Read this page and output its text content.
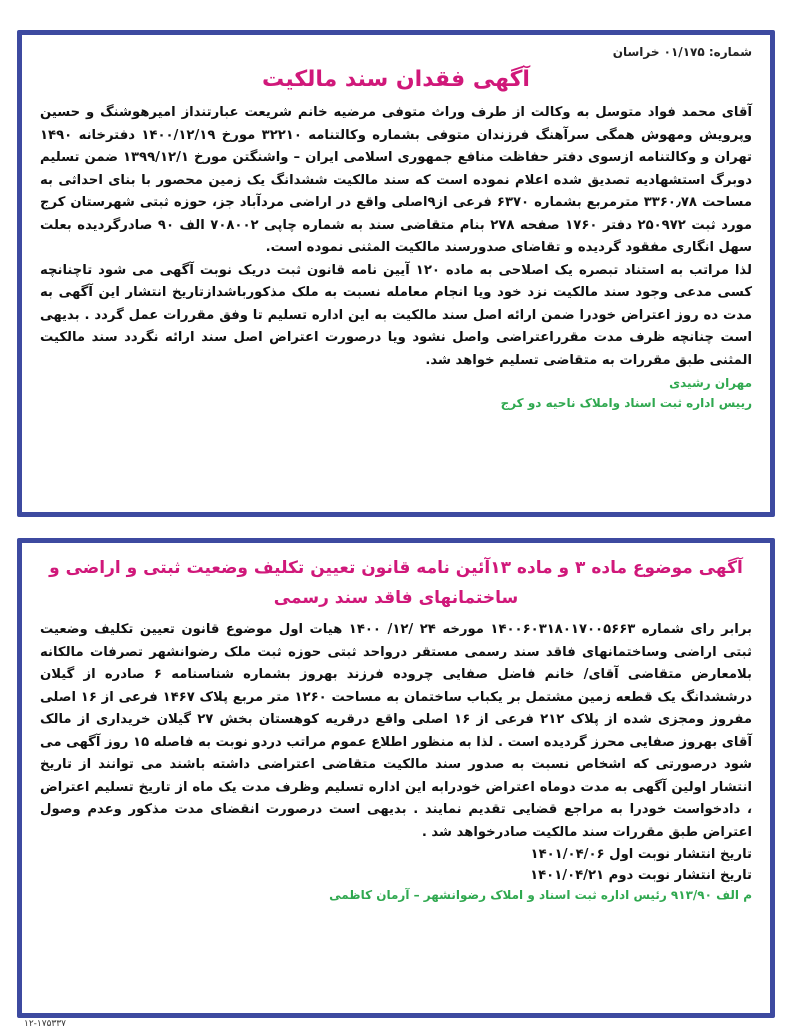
شماره: ۰۱/۱۷۵ خراسان
آگهی فقدان سند مالکیت

آقای محمد فواد متوسل به وکالت از طرف وراث متوفی مرضیه خانم شریعت عبارتنداز امیرهوشنگ و حسین وپرویش ومهوش همگی سرآهنگ فرزندان متوفی بشماره وکالتنامه ۳۲۲۱۰ مورخ ۱۴۰۰/۱۲/۱۹ دفترخانه ۱۴۹۰ تهران و وکالتنامه ازسوی دفتر حفاظت منافع جمهوری اسلامی ایران – واشنگتن مورخ ۱۳۹۹/۱۲/۱ ضمن تسلیم دوبرگ استشهادیه تصدیق شده اعلام نموده است که سند مالکیت ششدانگ یک زمین محصور با بنای احداثی به مساحت ۳۳۶۰٫۷۸ مترمربع بشماره ۶۳۷۰ فرعی از۹اصلی واقع در اراضی مردآباد جز، حوزه ثبتی شهرستان کرج مورد ثبت ۲۵۰۹۷۲ دفتر ۱۷۶۰ صفحه ۲۷۸ بنام متقاضی سند به شماره چاپی ۷۰۸۰۰۲ الف ۹۰ صادرگردیده بعلت سهل انگاری مفقود گردیده و تقاضای صدورسند مالکیت المثنی نموده است.

لذا مراتب به استناد تبصره یک اصلاحی به ماده ۱۲۰ آیین نامه قانون ثبت دریک نوبت آگهی می شود تاچنانچه کسی مدعی وجود سند مالکیت نزد خود ویا انجام معامله نسبت به ملک مذکورباشدازتاریخ انتشار این آگهی به مدت ده روز اعتراض خودرا ضمن ارائه اصل سند مالکیت به این اداره تسلیم تا وفق مقررات عمل گردد . بدیهی است چنانچه ظرف مدت مقرراعتراضی واصل نشود ویا درصورت اعتراض اصل سند ارائه نگردد سند مالکیت المثنی طبق مقررات به متقاضی تسلیم خواهد شد.

مهران رشیدی
رییس اداره ثبت اسناد واملاک ناحیه دو کرج
آگهی موضوع ماده ۳ و ماده ۱۳آئین نامه قانون تعیین تکلیف وضعیت ثبتی و اراضی و ساختمانهای فاقد سند رسمی

برابر رای شماره ۱۴۰۰۶۰۳۱۸۰۱۷۰۰۵۶۶۳ مورخه ۲۴ /۱۲/ ۱۴۰۰ هیات اول موضوع قانون تعیین تکلیف وضعیت ثبتی اراضی وساختمانهای فاقد سند رسمی مستقر درواحد ثبتی حوزه ثبت ملک رضوانشهر تصرفات مالکانه بلامعارض متقاضی آقای/ خانم فاضل صفایی چروده فرزند بهروز بشماره شناسنامه ۶ صادره از گیلان درششدانگ یک قطعه زمین مشتمل بر یکباب ساختمان به مساحت ۱۲۶۰ متر مربع پلاک ۱۴۶۷ فرعی از ۱۶ اصلی مفروز ومجزی شده از پلاک ۲۱۲ فرعی از ۱۶ اصلی واقع درقریه کوهستان بخش ۲۷ گیلان خریداری از مالک آقای بهروز صفایی محرز گردیده است . لذا به منظور اطلاع عموم مراتب دردو نوبت به فاصله ۱۵ روز آگهی می شود درصورتی که اشخاص نسبت به صدور سند مالکیت متقاضی اعتراضی داشته باشند می توانند از تاریخ انتشار اولین آگهی به مدت دوماه اعتراض خودرابه این اداره تسلیم وظرف مدت یک ماه از تاریخ تسلیم اعتراض ، دادخواست خودرا به مراجع قضایی تقدیم نمایند . بدیهی است درصورت انقضای مدت مذکور وعدم وصول اعتراض طبق مقررات سند مالکیت صادرخواهد شد .

تاریخ انتشار نوبت اول ۱۴۰۱/۰۴/۰۶
تاریخ انتشار نوبت دوم ۱۴۰۱/۰۴/۲۱
م الف ۹۱۳/۹۰ رئیس اداره ثبت اسناد و املاک رضوانشهر – آرمان کاظمی
۱۲-۱۷۵۳۳۷
